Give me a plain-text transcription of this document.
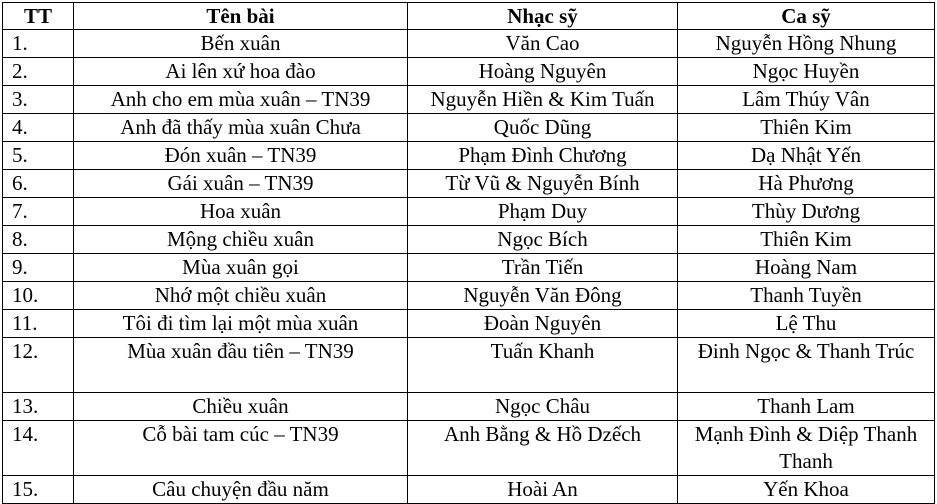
TT	Tên bài	Nhạc sỹ	Ca sỹ
1.	Bến xuân	Văn Cao	Nguyễn Hồng Nhung
2.	Ai lên xứ hoa đào	Hoàng Nguyên	Ngọc Huyền
3.	Anh cho em mùa xuân – TN39	Nguyễn Hiền & Kim Tuấn	Lâm Thúy Vân
4.	Anh đã thấy mùa xuân Chưa	Quốc Dũng	Thiên Kim
5.	Đón xuân – TN39	Phạm Đình Chương	Dạ Nhật Yến
6.	Gái xuân – TN39	Từ Vũ & Nguyễn Bính	Hà Phương
7.	Hoa xuân	Phạm Duy	Thùy Dương
8.	Mộng chiều xuân	Ngọc Bích	Thiên Kim
9.	Mùa xuân gọi	Trần Tiến	Hoàng Nam
10.	Nhớ một chiều xuân	Nguyễn Văn Đông	Thanh Tuyền
11.	Tôi đi tìm lại một mùa xuân	Đoàn Nguyên	Lệ Thu
12.	Mùa xuân đầu tiên – TN39	Tuấn Khanh	Đinh Ngọc & Thanh Trúc
13.	Chiều xuân	Ngọc Châu	Thanh Lam
14.	Cỗ bài tam cúc – TN39	Anh Bằng & Hồ Dzếch	Mạnh Đình & Diệp Thanh Thanh
15.	Câu chuyện đầu năm	Hoài An	Yến Khoa
